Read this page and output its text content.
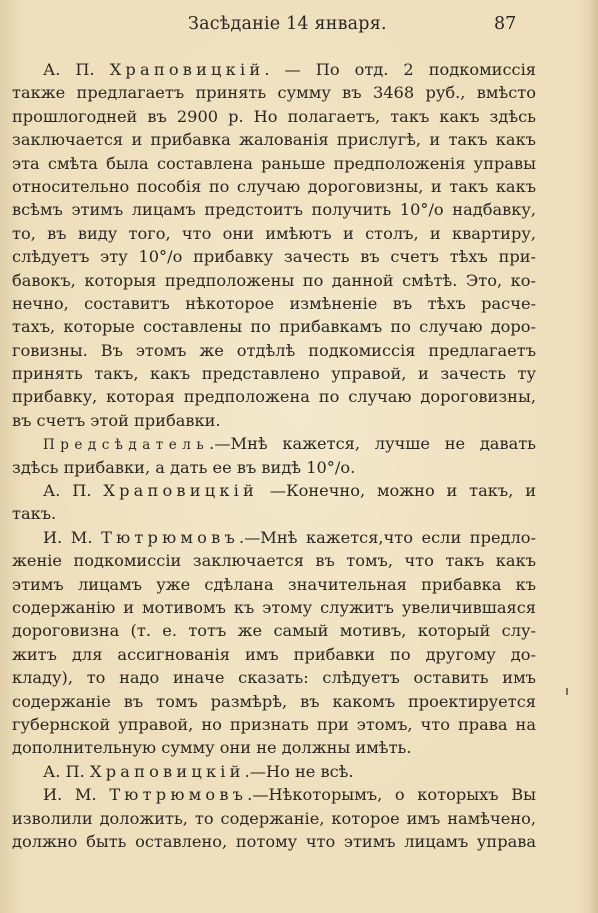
Засѣданіе 14 января.	87
А. П. Храповицкій. — По отд. 2 подкомиссія
также предлагаетъ принять сумму въ 3468 руб., вмѣсто
прошлогодней въ 2900 р. Но полагаетъ, такъ какъ здѣсь
заключается и прибавка жалованія прислугѣ, и такъ какъ
эта смѣта была составлена раньше предположенія управы
относительно пособія по случаю дороговизны, и такъ какъ
всѣмъ этимъ лицамъ предстоитъ получить 10°/о надбавку,
то, въ виду того, что они имѣютъ и столъ, и квартиру,
слѣдуетъ эту 10°/о прибавку зачесть въ счетъ тѣхъ при-
бавокъ, которыя предположены по данной смѣтѣ. Это, ко-
нечно, составитъ нѣкоторое измѣненіе въ тѣхъ расче-
тахъ, которые составлены по прибавкамъ по случаю доро-
говизны. Въ этомъ же отдѣлѣ подкомиссія предлагаетъ
принять такъ, какъ представлено управой, и зачесть ту
прибавку, которая предположена по случаю дороговизны,
въ счетъ этой прибавки.
Предсѣдатель.—Мнѣ кажется, лучше не давать
здѣсь прибавки, а дать ее въ видѣ 10°/о.
А. П. Храповицкій —Конечно, можно и такъ, и
такъ.
И. М. Тютрюмовъ.—Мнѣ кажется,что если предло-
женіе подкомиссіи заключается въ томъ, что такъ какъ
этимъ лицамъ уже сдѣлана значительная прибавка къ
содержанію и мотивомъ къ этому служитъ увеличившаяся
дороговизна (т. е. тотъ же самый мотивъ, который слу-
житъ для ассигнованія имъ прибавки по другому до-
кладу), то надо иначе сказать: слѣдуетъ оставить имъ
содержаніе въ томъ размѣрѣ, въ какомъ проектируется
губернской управой, но признать при этомъ, что права на
дополнительную сумму они не должны имѣть.
А. П. Храповицкій.—Но не всѣ.
И. М. Тютрюмовъ.—Нѣкоторымъ, о которыхъ Вы
изволили доложить, то содержаніе, которое имъ намѣчено,
должно быть оставлено, потому что этимъ лицамъ управа
